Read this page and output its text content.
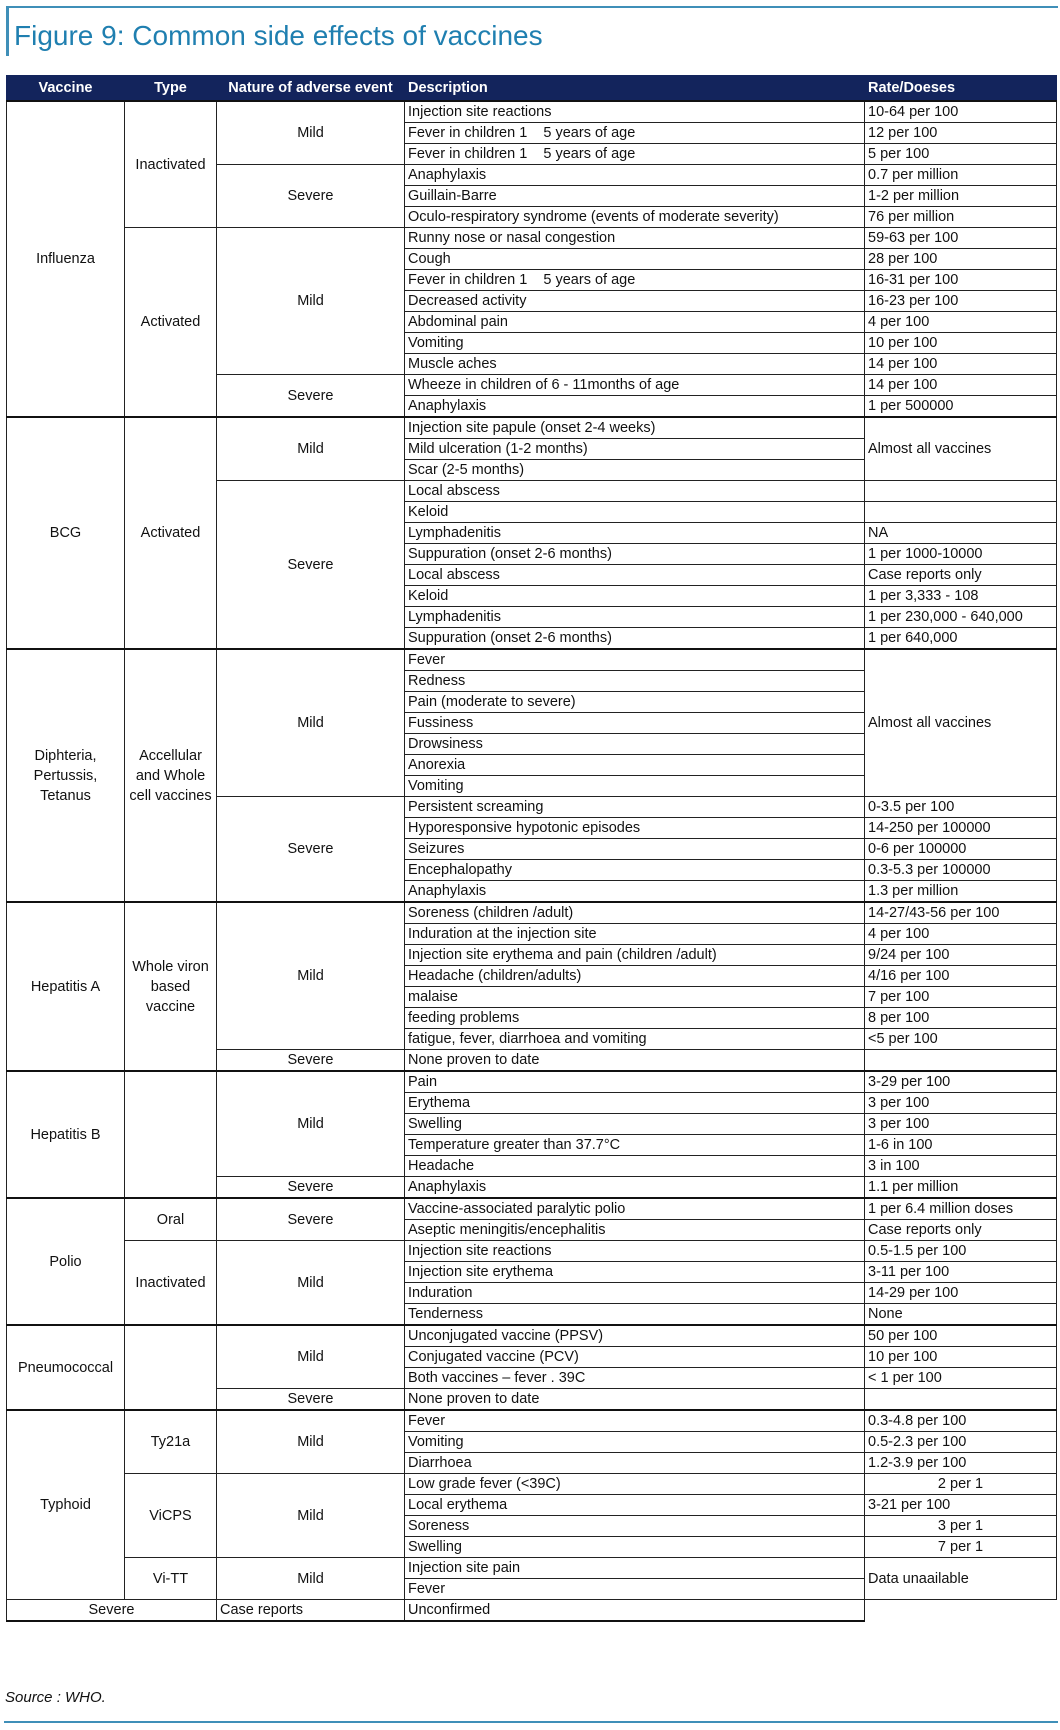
Figure 9: Common side effects of vaccines
Vaccine	Type	Nature of adverse event	Description	Rate/Doeses
Influenza	Inactivated	Mild	Injection site reactions	10-64 per 100
			Fever in children 1    5 years of age	12 per 100
			Fever in children 1    5 years of age	5 per 100
		Severe	Anaphylaxis	0.7 per million
			Guillain-Barre	1-2 per million
			Oculo-respiratory syndrome (events of moderate severity)	76 per million
	Activated	Mild	Runny nose or nasal congestion	59-63 per 100
			Cough	28 per 100
			Fever in children 1    5 years of age	16-31 per 100
			Decreased activity	16-23 per 100
			Abdominal pain	4 per 100
			Vomiting	10 per 100
			Muscle aches	14 per 100
		Severe	Wheeze in children of 6 - 11months of age	14 per 100
			Anaphylaxis	1 per 500000
BCG	Activated	Mild	Injection site papule (onset 2-4 weeks)	Almost all vaccines
			Mild ulceration (1-2 months)	
			Scar (2-5 months)	
		Severe	Local abscess	
			Keloid	
			Lymphadenitis	NA
			Suppuration (onset 2-6 months)	1 per 1000-10000
			Local abscess	Case reports only
			Keloid	1 per 3,333 - 108
			Lymphadenitis	1 per 230,000 - 640,000
			Suppuration (onset 2-6 months)	1 per 640,000
Diphteria, Pertussis, Tetanus	Accellular and Whole cell vaccines	Mild	Fever	Almost all vaccines
			Redness	
			Pain (moderate to severe)	
			Fussiness	
			Drowsiness	
			Anorexia	
			Vomiting	
		Severe	Persistent screaming	0-3.5 per 100
			Hyporesponsive hypotonic episodes	14-250 per 100000
			Seizures	0-6 per 100000
			Encephalopathy	0.3-5.3 per 100000
			Anaphylaxis	1.3 per million
Hepatitis A	Whole viron based vaccine	Mild	Soreness (children /adult)	14-27/43-56 per 100
			Induration at the injection site	4 per 100
			Injection site erythema and pain (children /adult)	9/24 per 100
			Headache (children/adults)	4/16 per 100
			malaise	7 per 100
			feeding problems	8 per 100
			fatigue, fever, diarrhoea and vomiting	<5 per 100
		Severe	None proven to date	
Hepatitis B		Mild	Pain	3-29 per 100
			Erythema	3 per 100
			Swelling	3 per 100
			Temperature greater than 37.7°C	1-6 in 100
			Headache	3 in 100
		Severe	Anaphylaxis	1.1 per million
Polio	Oral	Severe	Vaccine-associated paralytic polio	1 per 6.4 million doses
			Aseptic meningitis/encephalitis	Case reports only
	Inactivated	Mild	Injection site reactions	0.5-1.5 per 100
			Injection site erythema	3-11 per 100
			Induration	14-29 per 100
			Tenderness	None
Pneumococcal		Mild	Unconjugated vaccine (PPSV)	50 per 100
			Conjugated vaccine (PCV)	10 per 100
			Both vaccines – fever . 39C	< 1 per 100
		Severe	None proven to date	
Typhoid	Ty21a	Mild	Fever	0.3-4.8 per 100
			Vomiting	0.5-2.3 per 100
			Diarrhoea	1.2-3.9 per 100
	ViCPS	Mild	Low grade fever (<39C)	2 per 1
			Local erythema	3-21 per 100
			Soreness	3 per 1
			Swelling	7 per 1
	Vi-TT	Mild	Injection site pain	Data unaailable
			Fever	
Severe		Case reports	Unconfirmed	
Source : WHO.
